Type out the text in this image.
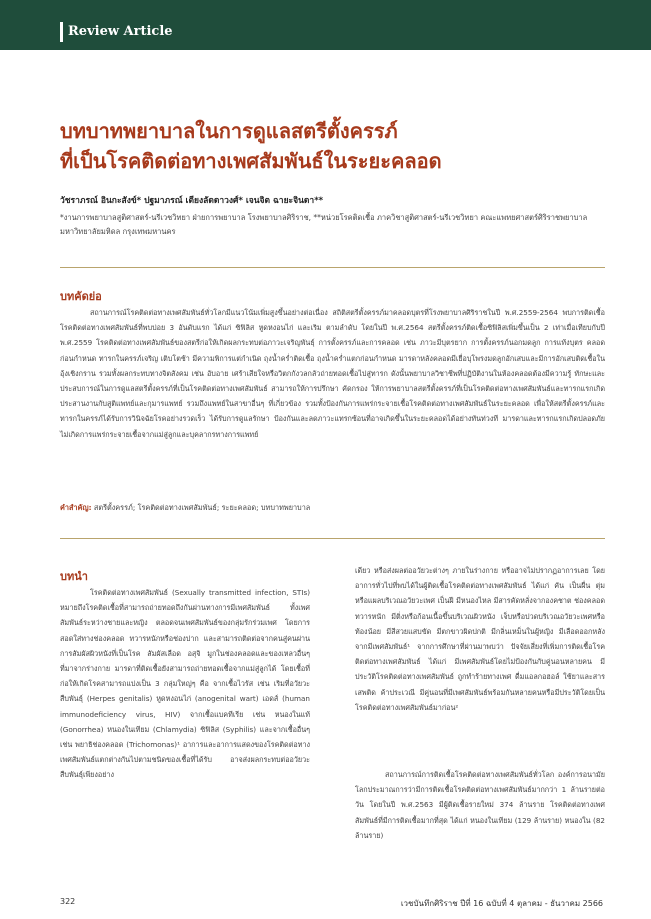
Review Article
บทบาทพยาบาลในการดูแลสตรีตั้งครรภ์
ที่เป็นโรคติดต่อทางเพศสัมพันธ์ในระยะคลอด
วัชราภรณ์ อินกะสังข์* ปฐมาภรณ์ เตียงลัดดาวงศ์* เจนจิต ฉายะจินดา**
*งานการพยาบาลสูติศาสตร์-นรีเวชวิทยา ฝ่ายการพยาบาล โรงพยาบาลศิริราช, **หน่วยโรคติดเชื้อ ภาควิชาสูติศาสตร์-นรีเวชวิทยา คณะแพทยศาสตร์ศิริราชพยาบาล มหาวิทยาลัยมหิดล กรุงเทพมหานคร
บทคัดย่อ

สถานการณ์โรคติดต่อทางเพศสัมพันธ์ทั่วโลกมีแนวโน้มเพิ่มสูงขึ้นอย่างต่อเนื่อง สถิติสตรีตั้งครรภ์มาคลอดบุตรที่โรงพยาบาลศิริราชในปี พ.ศ.2559-2564 พบการติดเชื้อโรคติดต่อทางเพศสัมพันธ์ที่พบบ่อย 3 อันดับแรก ได้แก่ ซิฟิลิส หูดหงอนไก่ และเริม ตามลำดับ โดยในปี พ.ศ.2564 สตรีตั้งครรภ์ติดเชื้อซิฟิลิสเพิ่มขึ้นเป็น 2 เท่าเมื่อเทียบกับปี พ.ศ.2559 โรคติดต่อทางเพศสัมพันธ์ของสตรีก่อให้เกิดผลกระทบต่อภาวะเจริญพันธุ์ การตั้งครรภ์และการคลอด เช่น ภาวะมีบุตรยาก การตั้งครรภ์นอกมดลูก การแท้งบุตร คลอดก่อนกำหนด ทารกในครรภ์เจริญ เติบโตช้า มีความพิการแต่กำเนิด ถุงน้ำคร่ำติดเชื้อ ถุงน้ำคร่ำแตกก่อนกำหนด มารดาหลังคลอดมีเยื่อบุโพรงมดลูกอักเสบและมีการอักเสบติดเชื้อในอุ้งเชิงกราน รวมทั้งผลกระทบทางจิตสังคม เช่น อับอาย เศร้าเสียใจหรือวิตกกังวลกลัวถ่ายทอดเชื้อไปสู่ทารก ดังนั้นพยาบาลวิชาชีพที่ปฏิบัติงานในห้องคลอดต้องมีความรู้ ทักษะและประสบการณ์ในการดูแลสตรีตั้งครรภ์ที่เป็นโรคติดต่อทางเพศสัมพันธ์ สามารถให้การปรึกษา คัดกรอง ให้การพยาบาลสตรีตั้งครรภ์ที่เป็นโรคติดต่อทางเพศสัมพันธ์และทารกแรกเกิด ประสานงานกับสูติแพทย์และกุมารแพทย์ รวมถึงแพทย์ในสาขาอื่นๆ ที่เกี่ยวข้อง รวมทั้งป้องกันการแพร่กระจายเชื้อโรคติดต่อทางเพศสัมพันธ์ในระยะคลอด เพื่อให้สตรีตั้งครรภ์และทารกในครรภ์ได้รับการวินิจฉัยโรคอย่างรวดเร็ว ได้รับการดูแลรักษา ป้องกันและลดภาวะแทรกซ้อนที่อาจเกิดขึ้นในระยะคลอดได้อย่างทันท่วงที มารดาและทารกแรกเกิดปลอดภัย ไม่เกิดการแพร่กระจายเชื้อจากแม่สู่ลูกและบุคลากรทางการแพทย์

คำสำคัญ: สตรีตั้งครรภ์; โรคติดต่อทางเพศสัมพันธ์; ระยะคลอด; บทบาทพยาบาล
บทนำ

โรคติดต่อทางเพศสัมพันธ์ (Sexually transmitted infection, STIs) หมายถึงโรคติดเชื้อที่สามารถถ่ายทอดถึงกันผ่านทางการมีเพศสัมพันธ์ ทั้งเพศสัมพันธ์ระหว่างชายและหญิง ตลอดจนเพศสัมพันธ์ของกลุ่มรักร่วมเพศ โดยการสอดใส่ทางช่องคลอด ทวารหนักหรือช่องปาก และสามารถติดต่อจากคนสู่คนผ่านการสัมผัสผิวหนังที่เป็นโรค สัมผัสเลือด อสุจิ มูกในช่องคลอดและของเหลวอื่นๆ ที่มาจากร่างกาย มารดาที่ติดเชื้อยังสามารถถ่ายทอดเชื้อจากแม่สู่ลูกได้ โดยเชื้อที่ก่อให้เกิดโรคสามารถแบ่งเป็น 3 กลุ่มใหญ่ๆ คือ จากเชื้อไวรัส เช่น เริมที่อวัยวะสืบพันธุ์ (Herpes genitalis) หูดหงอนไก่ (anogenital wart) เอดส์ (human immunodeficiency virus, HIV) จากเชื้อแบคทีเรีย เช่น หนองในแท้ (Gonorrhea) หนองในเทียม (Chlamydia) ซิฟิลิส (Syphilis) และจากเชื้ออื่นๆ เช่น พยาธิช่องคลอด (Trichomonas)¹ อาการและอาการแสดงของโรคติดต่อทางเพศสัมพันธ์แตกต่างกันไปตามชนิดของเชื้อที่ได้รับ อาจส่งผลกระทบต่ออวัยวะสืบพันธุ์เพียงอย่าง

เดียว หรือส่งผลต่ออวัยวะต่างๆ ภายในร่างกาย หรืออาจไม่ปรากฏอาการเลย โดยอาการทั่วไปที่พบได้ในผู้ติดเชื้อโรคติดต่อทางเพศสัมพันธ์ ได้แก่ คัน เป็นผื่น ตุ่มหรือแผลบริเวณอวัยวะเพศ เป็นฝี มีหนองไหล มีสารคัดหลั่งจากองคชาต ช่องคลอด ทวารหนัก มีติ่งหรือก้อนเนื้อขึ้นบริเวณผิวหนัง เจ็บหรือปวดบริเวณอวัยวะเพศหรือท้องน้อย มีสีสวยแสบขัด มีตกขาวผิดปกติ มีกลิ่นเหม็นในผู้หญิง มีเลือดออกหลังจากมีเพศสัมพันธ์¹ จากการศึกษาที่ผ่านมาพบว่า ปัจจัยเสี่ยงที่เพิ่มการติดเชื้อโรคติดต่อทางเพศสัมพันธ์ ได้แก่ มีเพศสัมพันธ์โดยไม่ป้องกันกับคู่นอนหลายคน มีประวัติโรคติดต่อทางเพศสัมพันธ์ ถูกทำร้ายทางเพศ ดื่มแอลกอฮอล์ ใช้ยาและสารเสพติด ค้าประเวณี มีคู่นอนที่มีเพศสัมพันธ์พร้อมกันหลายคนหรือมีประวัติโดยเป็นโรคติดต่อทางเพศสัมพันธ์มาก่อน²

สถานการณ์การติดเชื้อโรคติดต่อทางเพศสัมพันธ์ทั่วโลก องค์การอนามัยโลกประมาณการว่ามีการติดเชื้อโรคติดต่อทางเพศสัมพันธ์มากกว่า 1 ล้านรายต่อวัน โดยในปี พ.ศ.2563 มีผู้ติดเชื้อรายใหม่ 374 ล้านราย โรคติดต่อทางเพศสัมพันธ์ที่มีการติดเชื้อมากที่สุด ได้แก่ หนองในเทียม (129 ล้านราย) หนองใน (82 ล้านราย)

322	เวชบันทึกศิริราช ปีที่ 16 ฉบับที่ 4 ตุลาคม - ธันวาคม 2566
